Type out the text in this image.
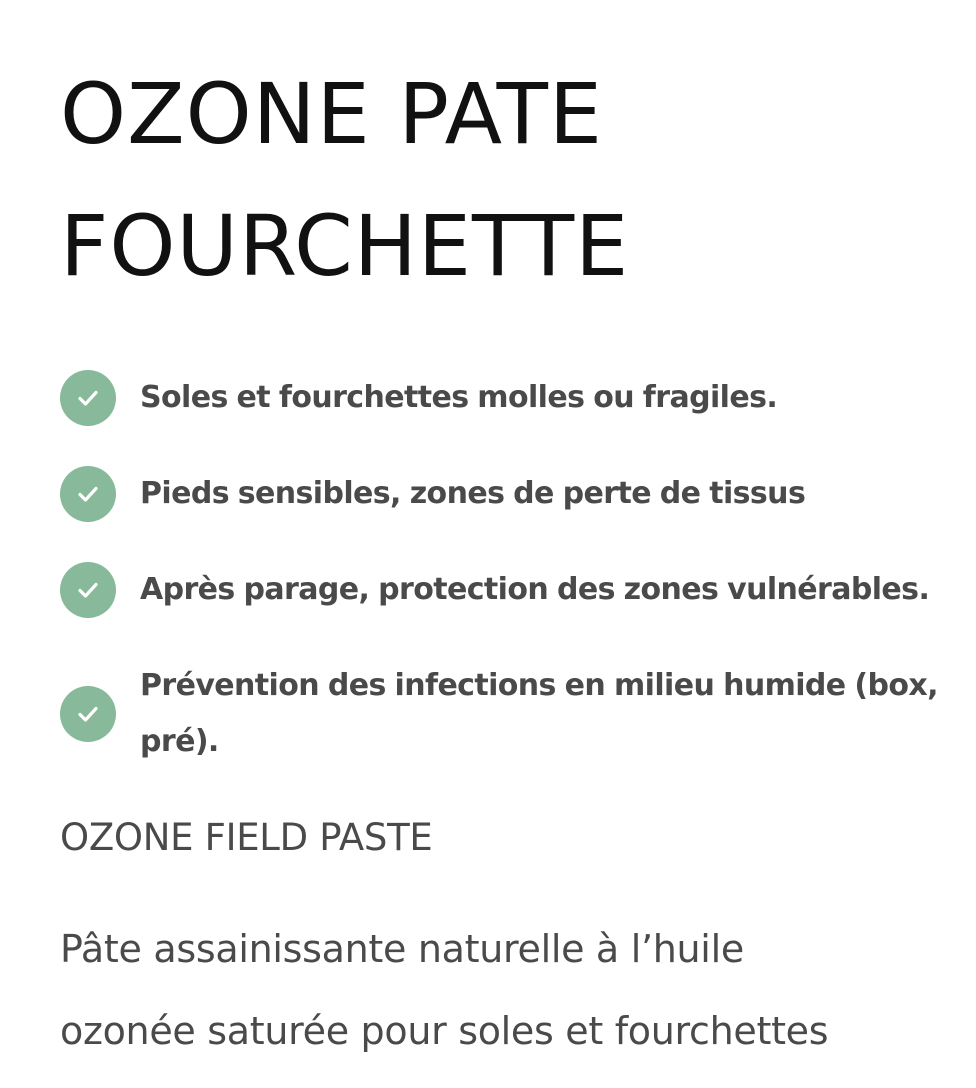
OZONE PATE
FOURCHETTE
Soles et fourchettes molles ou fragiles.
Pieds sensibles, zones de perte de tissus
Après parage, protection des zones vulnérables.
Prévention des infections en milieu humide (box,
pré).
OZONE FIELD PASTE

Pâte assainissante naturelle à l’huile
ozonée saturée pour soles et fourchettes
